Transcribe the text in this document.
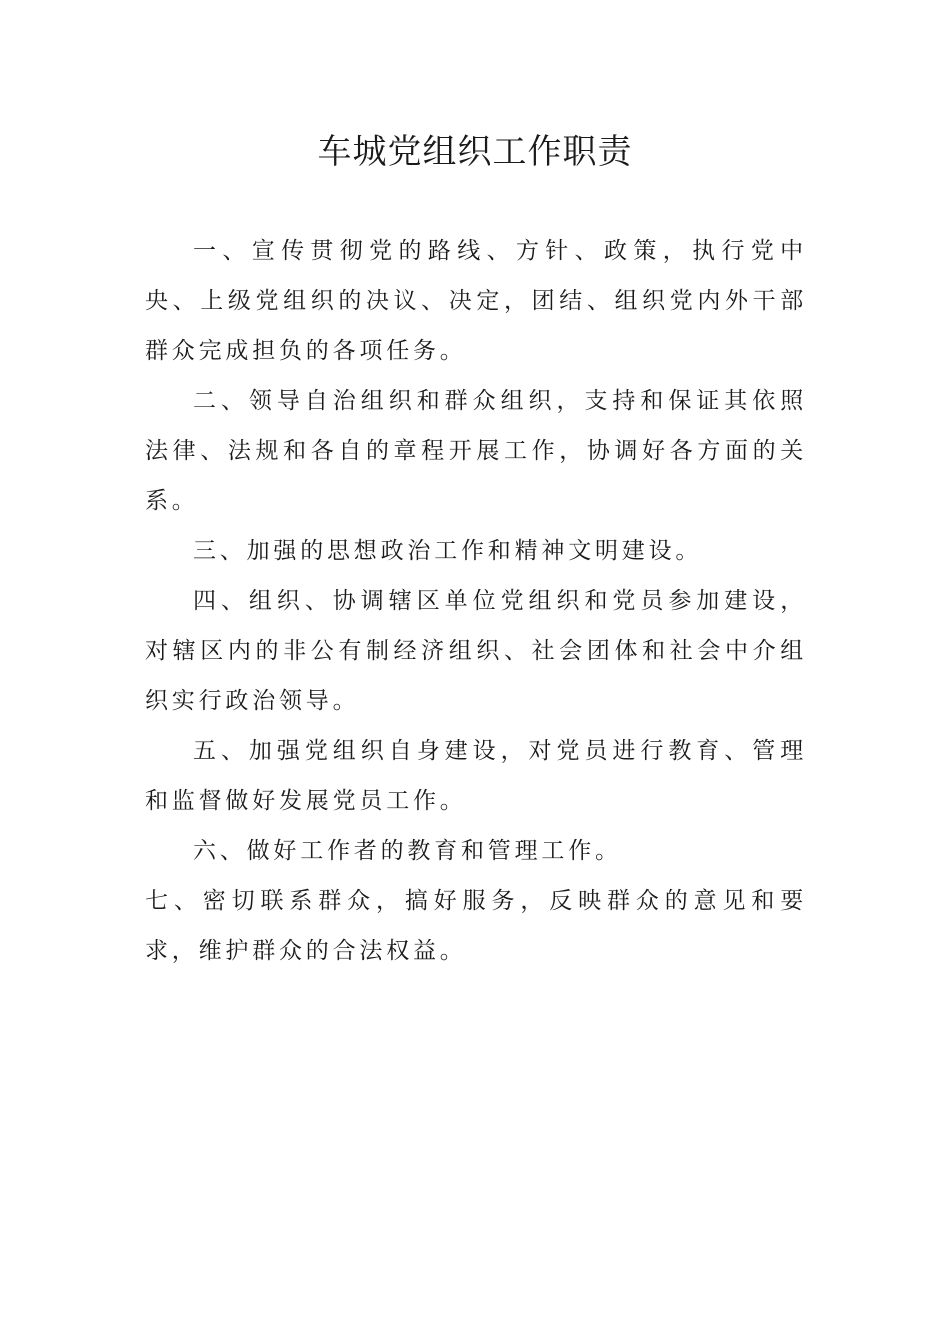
车城党组织工作职责

一、宣传贯彻党的路线、方针、政策，执行党中央、上级党组织的决议、决定，团结、组织党内外干部群众完成担负的各项任务。

二、领导自治组织和群众组织，支持和保证其依照法律、法规和各自的章程开展工作，协调好各方面的关系。

三、加强的思想政治工作和精神文明建设。

四、组织、协调辖区单位党组织和党员参加建设，对辖区内的非公有制经济组织、社会团体和社会中介组织实行政治领导。

五、加强党组织自身建设，对党员进行教育、管理和监督做好发展党员工作。

六、做好工作者的教育和管理工作。

七、密切联系群众，搞好服务，反映群众的意见和要求，维护群众的合法权益。
